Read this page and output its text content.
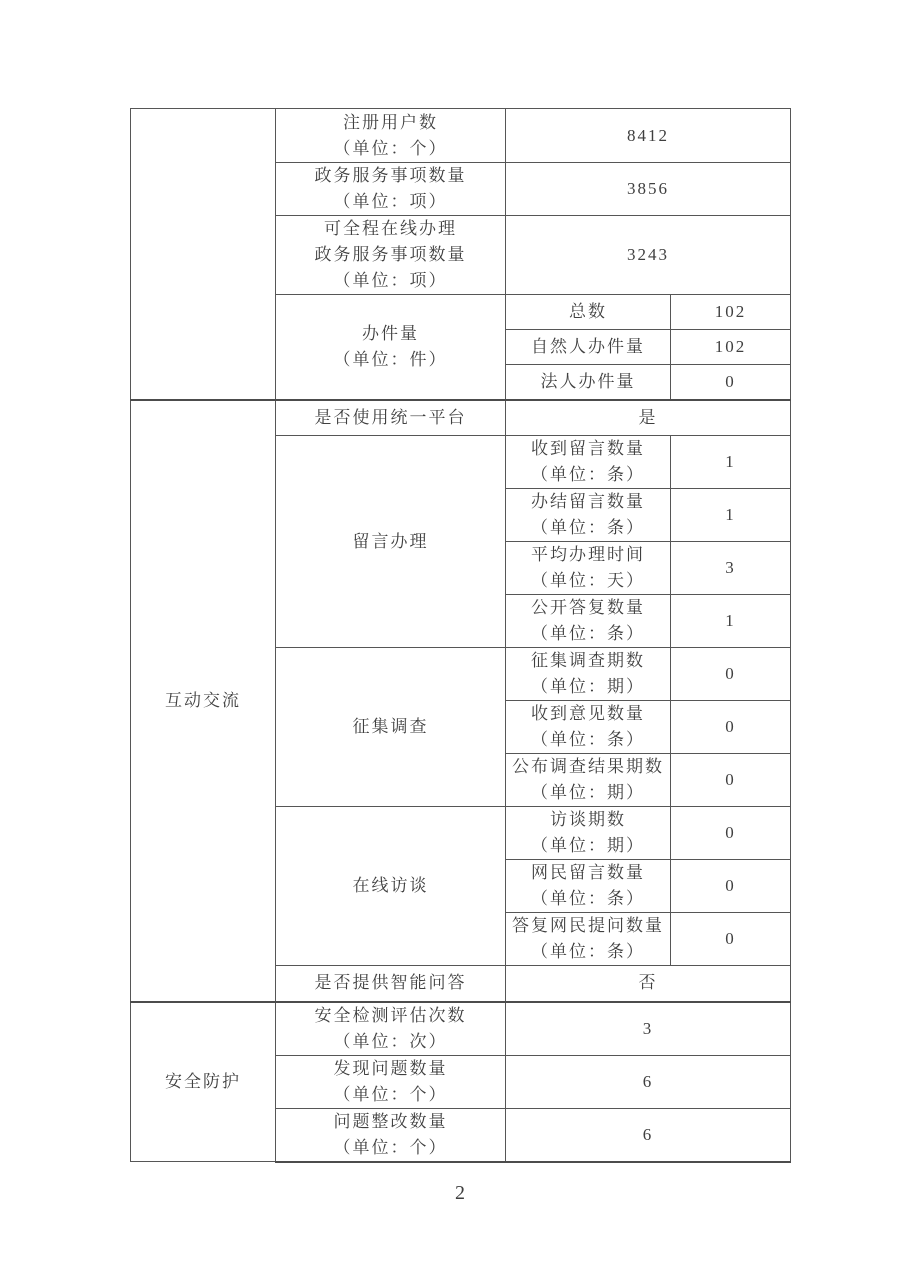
	注册用户数
（单位：个）	8412	

	政务服务事项数量
（单位：项）	3856	

	可全程在线办理
政务服务事项数量
（单位：项）	3243	

	办件量
（单位：件）	总数	102

		自然人办件量	102

		法人办件量	0
互动交流	是否使用统一平台	是	

	留言办理	收到留言数量
（单位：条）	1

		办结留言数量
（单位：条）	1

		平均办理时间
（单位：天）	3

		公开答复数量
（单位：条）	1

	征集调查	征集调查期数
（单位：期）	0

		收到意见数量
（单位：条）	0

		公布调查结果期数
（单位：期）	0

	在线访谈	访谈期数
（单位：期）	0

		网民留言数量
（单位：条）	0

		答复网民提问数量
（单位：条）	0

	是否提供智能问答	否	
安全防护	安全检测评估次数
（单位：次）	3	

	发现问题数量
（单位：个）	6	

	问题整改数量
（单位：个）	6	
2
